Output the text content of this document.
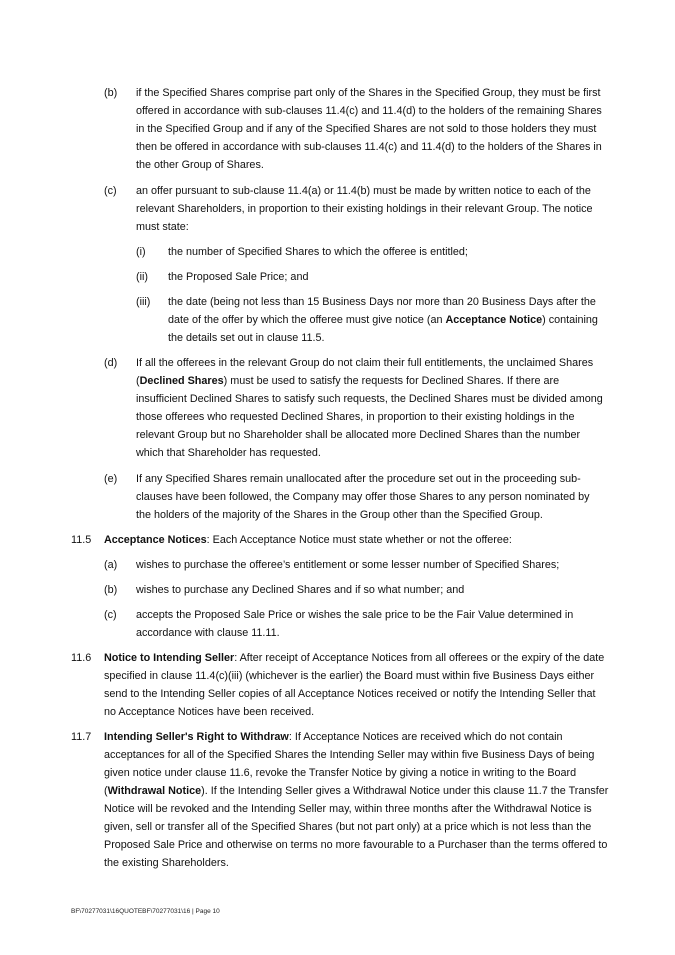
(b) if the Specified Shares comprise part only of the Shares in the Specified Group, they must be first offered in accordance with sub-clauses 11.4(c) and 11.4(d) to the holders of the remaining Shares in the Specified Group and if any of the Specified Shares are not sold to those holders they must then be offered in accordance with sub-clauses 11.4(c) and 11.4(d) to the holders of the Shares in the other Group of Shares.

(c) an offer pursuant to sub-clause 11.4(a) or 11.4(b) must be made by written notice to each of the relevant Shareholders, in proportion to their existing holdings in their relevant Group. The notice must state:

(i) the number of Specified Shares to which the offeree is entitled;

(ii) the Proposed Sale Price; and

(iii) the date (being not less than 15 Business Days nor more than 20 Business Days after the date of the offer by which the offeree must give notice (an Acceptance Notice) containing the details set out in clause 11.5.

(d) If all the offerees in the relevant Group do not claim their full entitlements, the unclaimed Shares (Declined Shares) must be used to satisfy the requests for Declined Shares. If there are insufficient Declined Shares to satisfy such requests, the Declined Shares must be divided among those offerees who requested Declined Shares, in proportion to their existing holdings in the relevant Group but no Shareholder shall be allocated more Declined Shares than the number which that Shareholder has requested.

(e) If any Specified Shares remain unallocated after the procedure set out in the proceeding sub-clauses have been followed, the Company may offer those Shares to any person nominated by the holders of the majority of the Shares in the Group other than the Specified Group.

11.5 Acceptance Notices: Each Acceptance Notice must state whether or not the offeree:

(a) wishes to purchase the offeree’s entitlement or some lesser number of Specified Shares;

(b) wishes to purchase any Declined Shares and if so what number; and

(c) accepts the Proposed Sale Price or wishes the sale price to be the Fair Value determined in accordance with clause 11.11.

11.6 Notice to Intending Seller: After receipt of Acceptance Notices from all offerees or the expiry of the date specified in clause 11.4(c)(iii) (whichever is the earlier) the Board must within five Business Days either send to the Intending Seller copies of all Acceptance Notices received or notify the Intending Seller that no Acceptance Notices have been received.

11.7 Intending Seller's Right to Withdraw: If Acceptance Notices are received which do not contain acceptances for all of the Specified Shares the Intending Seller may within five Business Days of being given notice under clause 11.6, revoke the Transfer Notice by giving a notice in writing to the Board (Withdrawal Notice). If the Intending Seller gives a Withdrawal Notice under this clause 11.7 the Transfer Notice will be revoked and the Intending Seller may, within three months after the Withdrawal Notice is given, sell or transfer all of the Specified Shares (but not part only) at a price which is not less than the Proposed Sale Price and otherwise on terms no more favourable to a Purchaser than the terms offered to the existing Shareholders.

BF\70277031\16QUOTEBF\70277031\16 | Page 10
